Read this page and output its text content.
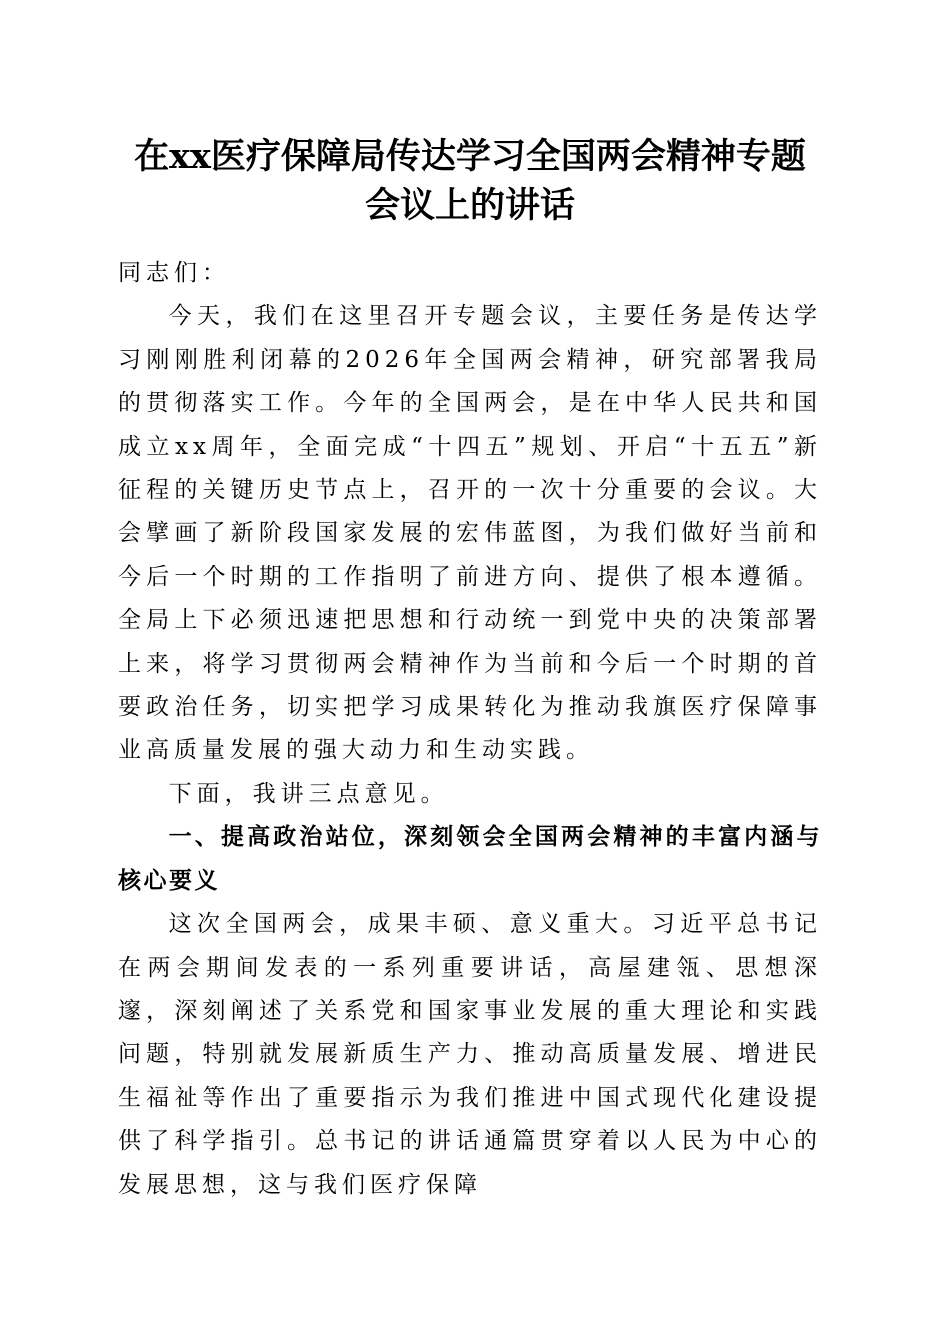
在xx医疗保障局传达学习全国两会精神专题
会议上的讲话

同志们：

今天，我们在这里召开专题会议，主要任务是传达学习刚刚胜利闭幕的2026年全国两会精神，研究部署我局的贯彻落实工作。今年的全国两会，是在中华人民共和国成立xx周年，全面完成“十四五”规划、开启“十五五”新征程的关键历史节点上，召开的一次十分重要的会议。大会擘画了新阶段国家发展的宏伟蓝图，为我们做好当前和今后一个时期的工作指明了前进方向、提供了根本遵循。全局上下必须迅速把思想和行动统一到党中央的决策部署上来，将学习贯彻两会精神作为当前和今后一个时期的首要政治任务，切实把学习成果转化为推动我旗医疗保障事业高质量发展的强大动力和生动实践。

下面，我讲三点意见。

一、提高政治站位，深刻领会全国两会精神的丰富内涵与核心要义

这次全国两会，成果丰硕、意义重大。习近平总书记在两会期间发表的一系列重要讲话，高屋建瓴、思想深邃，深刻阐述了关系党和国家事业发展的重大理论和实践问题，特别就发展新质生产力、推动高质量发展、增进民生福祉等作出了重要指示为我们推进中国式现代化建设提供了科学指引。总书记的讲话通篇贯穿着以人民为中心的发展思想，这与我们医疗保障
